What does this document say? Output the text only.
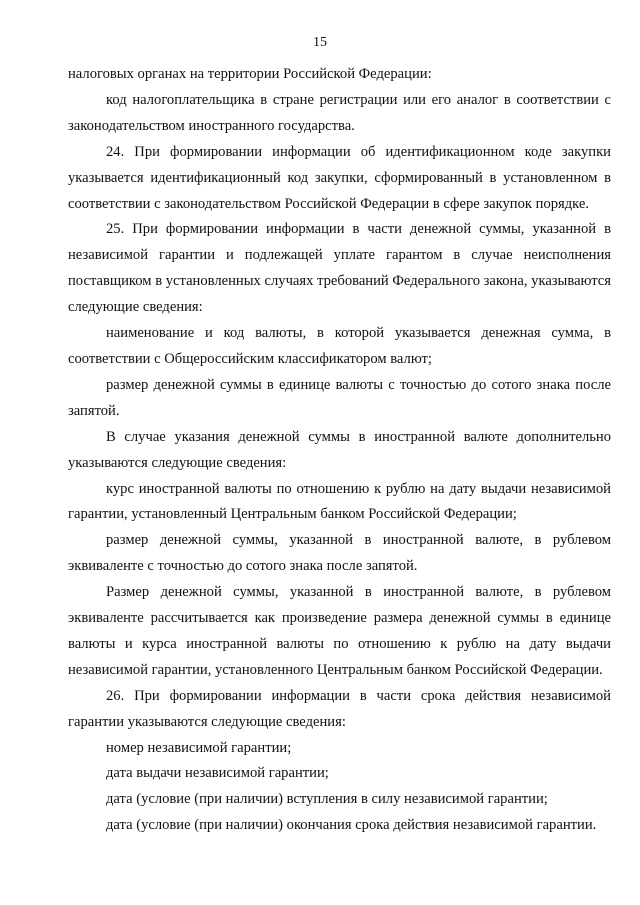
15

налоговых органах на территории Российской Федерации:

код налогоплательщика в стране регистрации или его аналог в соответствии с законодательством иностранного государства.

24. При формировании информации об идентификационном коде закупки указывается идентификационный код закупки, сформированный в установленном в соответствии с законодательством Российской Федерации в сфере закупок порядке.

25. При формировании информации в части денежной суммы, указанной в независимой гарантии и подлежащей уплате гарантом в случае неисполнения поставщиком в установленных случаях требований Федерального закона, указываются следующие сведения:

наименование и код валюты, в которой указывается денежная сумма, в соответствии с Общероссийским классификатором валют;

размер денежной суммы в единице валюты с точностью до сотого знака после запятой.

В случае указания денежной суммы в иностранной валюте дополнительно указываются следующие сведения:

курс иностранной валюты по отношению к рублю на дату выдачи независимой гарантии, установленный Центральным банком Российской Федерации;

размер денежной суммы, указанной в иностранной валюте, в рублевом эквиваленте с точностью до сотого знака после запятой.

Размер денежной суммы, указанной в иностранной валюте, в рублевом эквиваленте рассчитывается как произведение размера денежной суммы в единице валюты и курса иностранной валюты по отношению к рублю на дату выдачи независимой гарантии, установленного Центральным банком Российской Федерации.

26. При формировании информации в части срока действия независимой гарантии указываются следующие сведения:

номер независимой гарантии;

дата выдачи независимой гарантии;

дата (условие (при наличии) вступления в силу независимой гарантии;

дата (условие (при наличии) окончания срока действия независимой гарантии.
